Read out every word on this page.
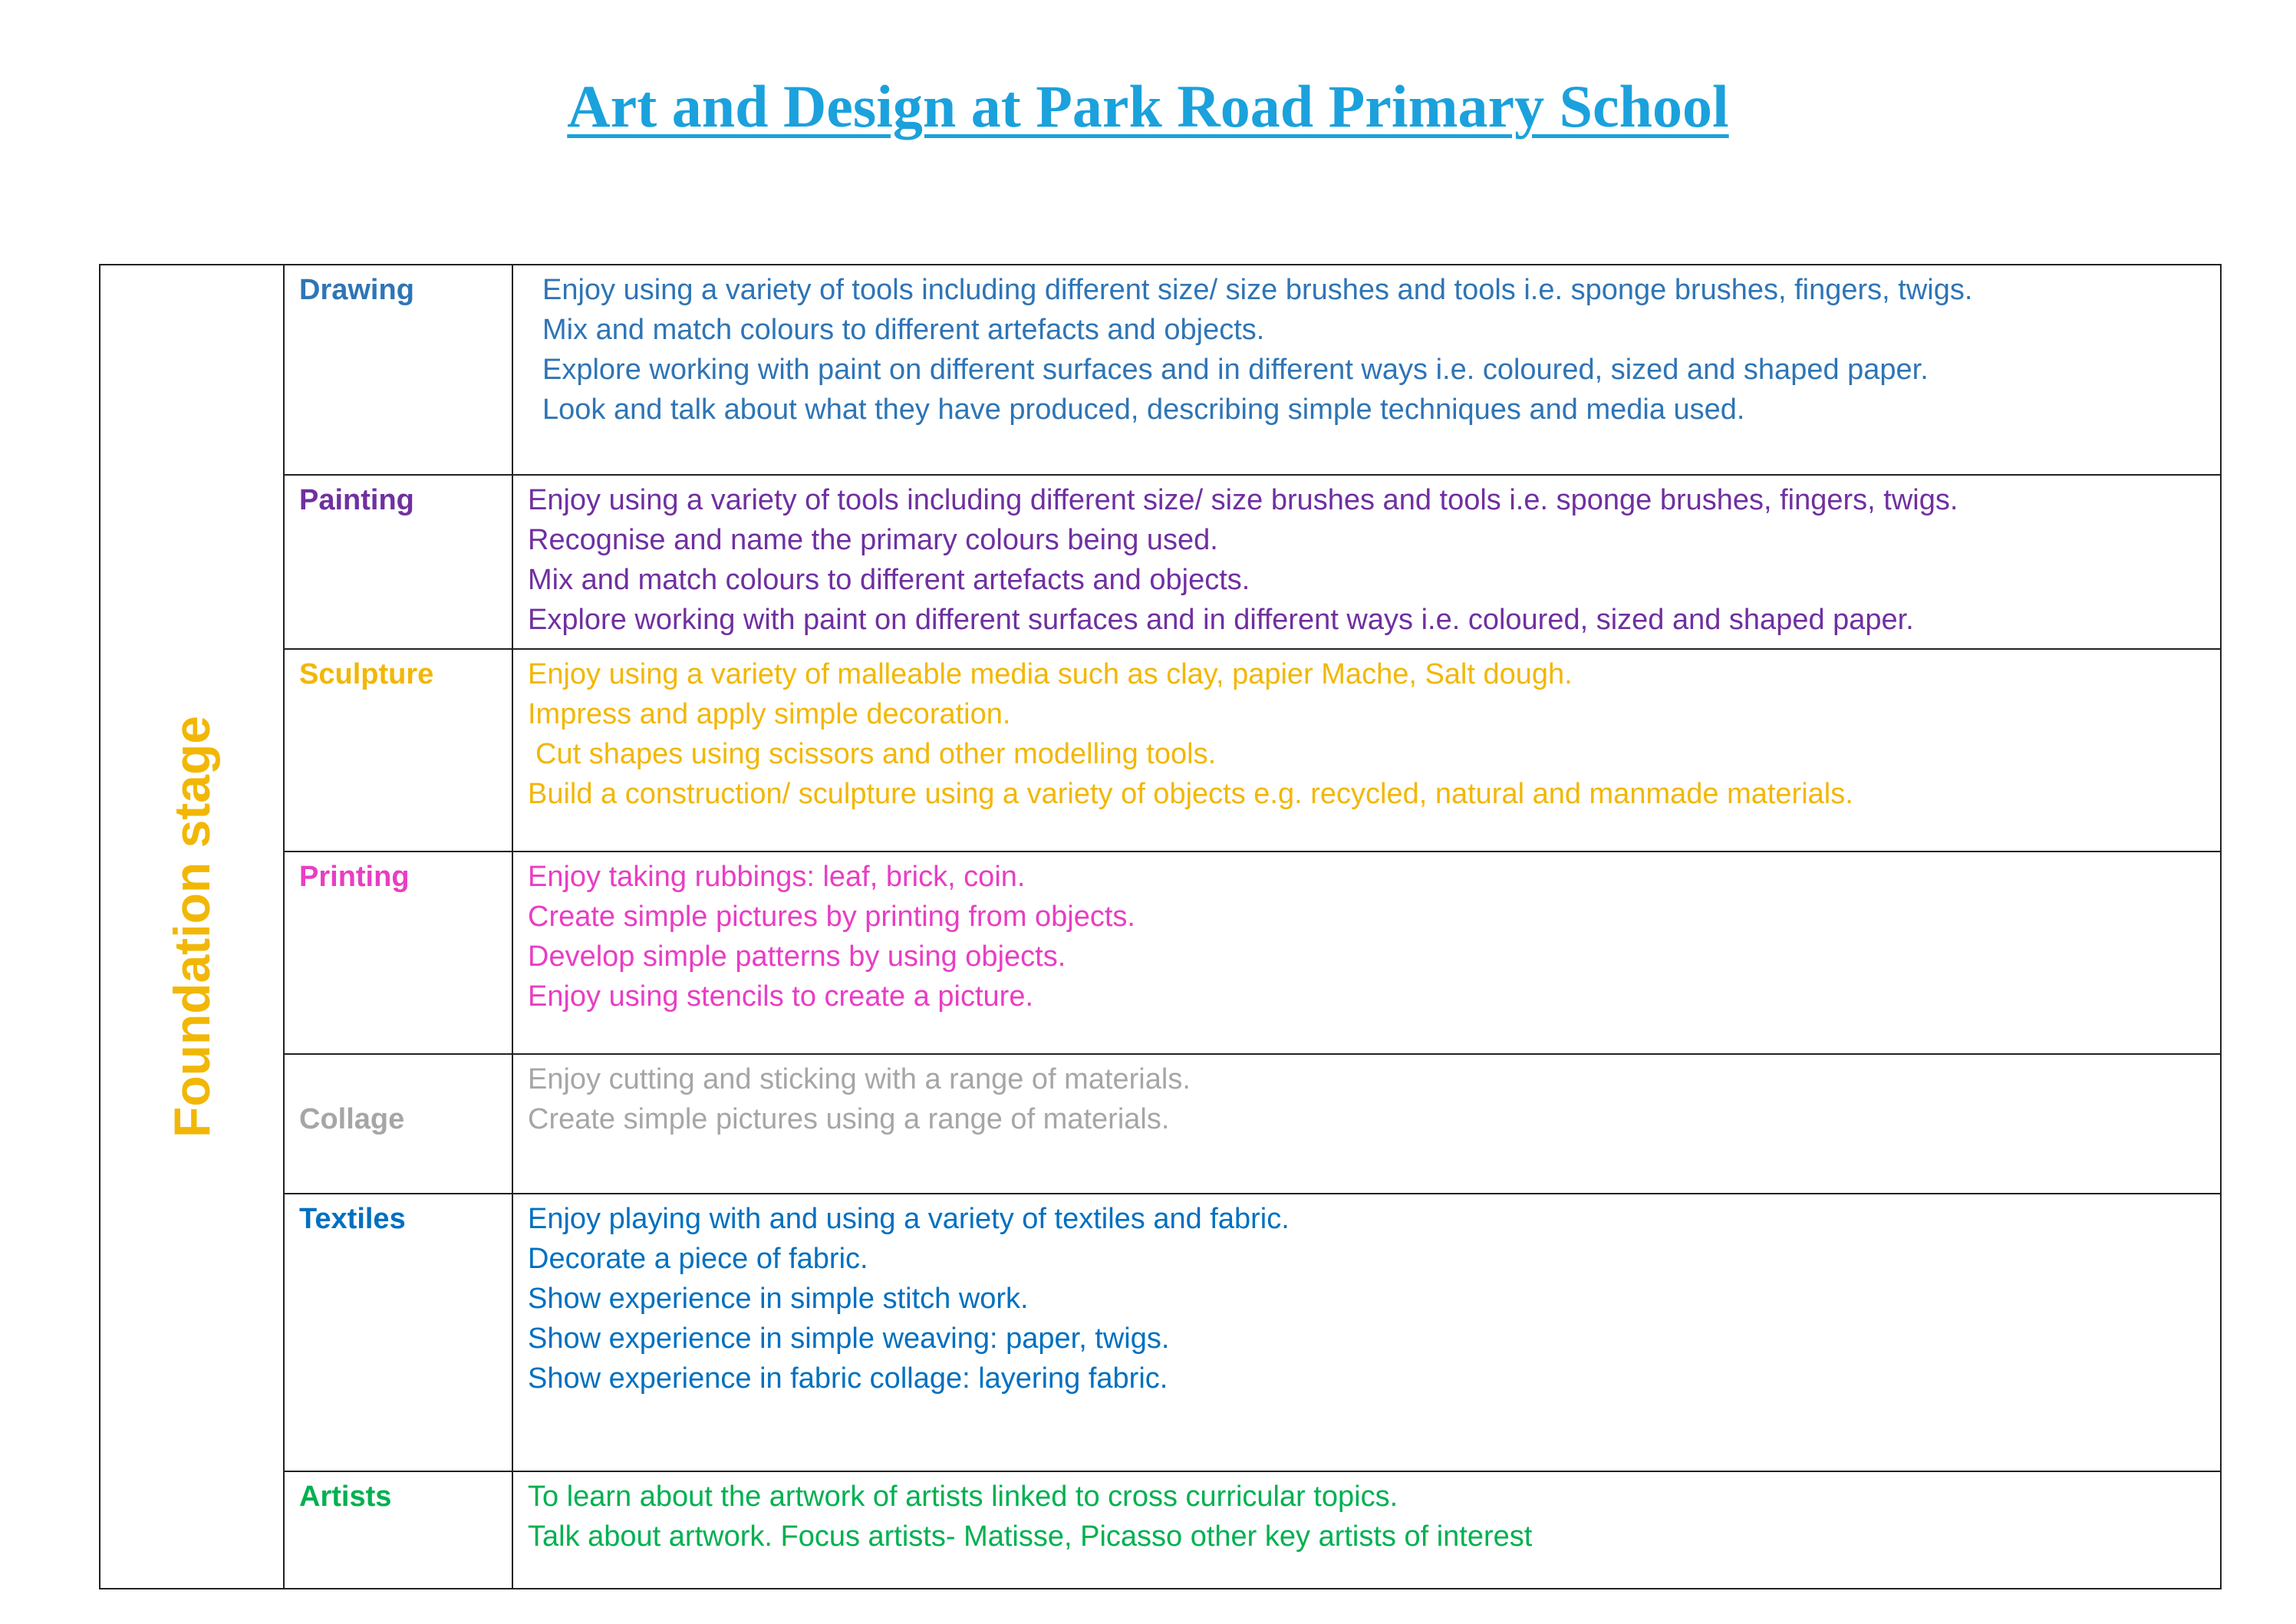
Art and Design at Park Road Primary School
Foundation stage	Drawing	Enjoy using a variety of tools including different size/ size brushes and tools i.e. sponge brushes, fingers, twigs.
Mix and match colours to different artefacts and objects.
Explore working with paint on different surfaces and in different ways i.e. coloured, sized and shaped paper.
Look and talk about what they have produced, describing simple techniques and media used.

	Painting	Enjoy using a variety of tools including different size/ size brushes and tools i.e. sponge brushes, fingers, twigs.
Recognise and name the primary colours being used.
Mix and match colours to different artefacts and objects.
Explore working with paint on different surfaces and in different ways i.e. coloured, sized and shaped paper.

	Sculpture	Enjoy using a variety of malleable media such as clay, papier Mache, Salt dough.
Impress and apply simple decoration.
Cut shapes using scissors and other modelling tools.
Build a construction/ sculpture using a variety of objects e.g. recycled, natural and manmade materials.

	Printing	Enjoy taking rubbings: leaf, brick, coin.
Create simple pictures by printing from objects.
Develop simple patterns by using objects.
Enjoy using stencils to create a picture.

	Collage	Enjoy cutting and sticking with a range of materials.
Create simple pictures using a range of materials.

	Textiles	Enjoy playing with and using a variety of textiles and fabric.
Decorate a piece of fabric.
Show experience in simple stitch work.
Show experience in simple weaving: paper, twigs.
Show experience in fabric collage: layering fabric.

	Artists	To learn about the artwork of artists linked to cross curricular topics.
Talk about artwork. Focus artists- Matisse, Picasso other key artists of interest
